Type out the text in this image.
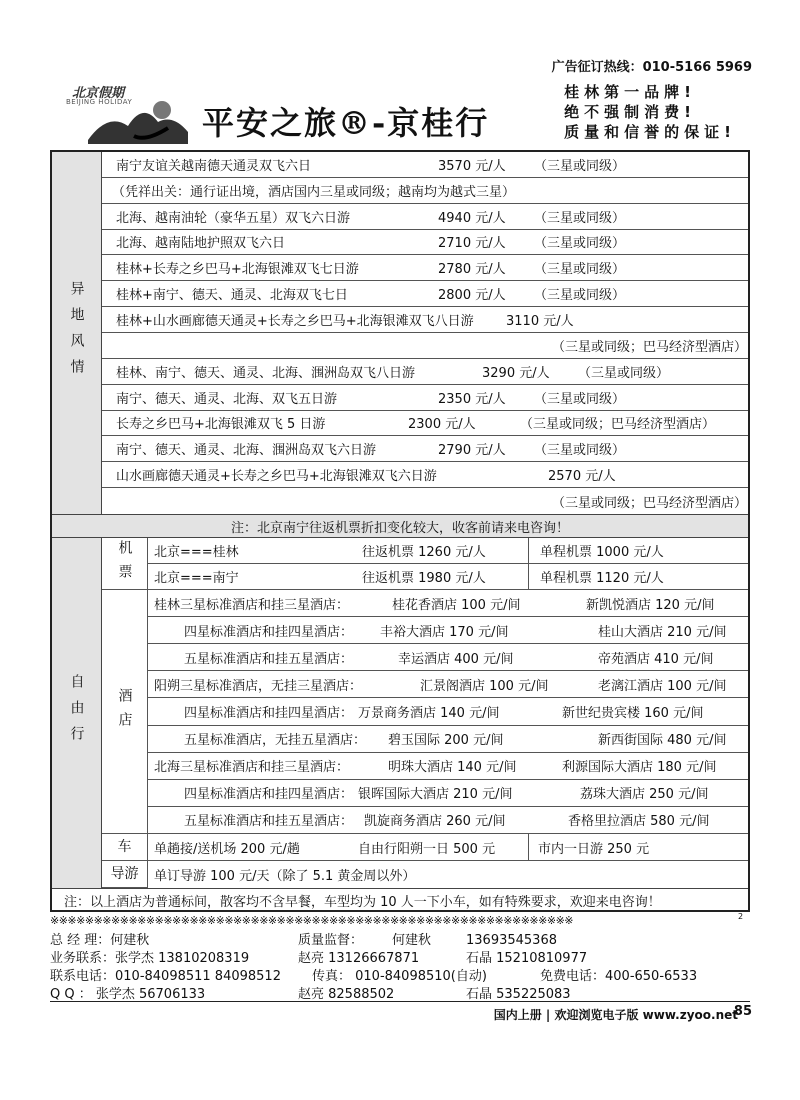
广告征订热线：010-5166 5969
北京假期
BEIJING HOLIDAY
平安之旅®-京桂行
桂林第一品牌!
绝不强制消费!
质量和信誉的保证!
异地风情
南宁友谊关越南德天通灵双飞六日	3570 元/人 （三星或同级）
（凭祥出关：通行证出境，酒店国内三星或同级；越南均为越式三星）
北海、越南油轮（豪华五星）双飞六日游	4940 元/人 （三星或同级）
北海、越南陆地护照双飞六日	2710 元/人 （三星或同级）
桂林+长寿之乡巴马+北海银滩双飞七日游	2780 元/人 （三星或同级）
桂林+南宁、德天、通灵、北海双飞七日	2800 元/人 （三星或同级）
桂林+山水画廊德天通灵+长寿之乡巴马+北海银滩双飞八日游 3110 元/人
（三星或同级；巴马经济型酒店）
桂林、南宁、德天、通灵、北海、涠洲岛双飞八日游	3290 元/人 （三星或同级）
南宁、德天、通灵、北海、双飞五日游	2350 元/人 （三星或同级）
长寿之乡巴马+北海银滩双飞 5 日游	2300 元/人	（三星或同级；巴马经济型酒店）
南宁、德天、通灵、北海、涠洲岛双飞六日游	2790 元/人 （三星或同级）
山水画廊德天通灵+长寿之乡巴马+北海银滩双飞六日游	2570 元/人
（三星或同级；巴马经济型酒店）
注：北京南宁往返机票折扣变化较大，收客前请来电咨询！
自由行
机票 北京===桂林	往返机票 1260 元/人	单程机票 1000 元/人
北京===南宁	往返机票 1980 元/人	单程机票 1120 元/人
酒店
桂林三星标准酒店和挂三星酒店：	桂花香酒店 100 元/间	新凯悦酒店 120 元/间
四星标准酒店和挂四星酒店： 丰裕大酒店 170 元/间	桂山大酒店 210 元/间
五星标准酒店和挂五星酒店：	幸运酒店 400 元/间	帝苑酒店 410 元/间
阳朔三星标准酒店，无挂三星酒店：	汇景阁酒店 100 元/间	老漓江酒店 100 元/间
四星标准酒店和挂四星酒店： 万景商务酒店 140 元/间	新世纪贵宾楼 160 元/间
五星标准酒店，无挂五星酒店： 碧玉国际 200 元/间	新西街国际 480 元/间
北海三星标准酒店和挂三星酒店：	明珠大酒店 140 元/间	利源国际大酒店 180 元/间
四星标准酒店和挂四星酒店： 银晖国际大酒店 210 元/间	荔珠大酒店 250 元/间
五星标准酒店和挂五星酒店： 凯旋商务酒店 260 元/间	香格里拉酒店 580 元/间
车	单趟接/送机场 200 元/趟	自由行阳朔一日 500 元	市内一日游 250 元
导游	单订导游 100 元/天（除了 5.1 黄金周以外）
注：以上酒店为普通标间，散客均不含早餐，车型均为 10 人一下小车，如有特殊要求，欢迎来电咨询！
※※※※※※※※※※※※※※※※※※※※※※※※※※※※※※※※※※※※※※※※※※※※※※※※※※※※※※※※※※※※	2
总 经 理：何建秋	质量监督： 何建秋	13693545368
业务联系：张学杰 13810208319	赵亮 13126667871	石晶 15210810977
联系电话：010-84098511 84098512 传真： 010-84098510(自动)	免费电话：400-650-6533
Q Q ： 张学杰 56706133	赵亮 82588502	石晶 535225083
国内上册 | 欢迎浏览电子版 www.zyoo.net
85
